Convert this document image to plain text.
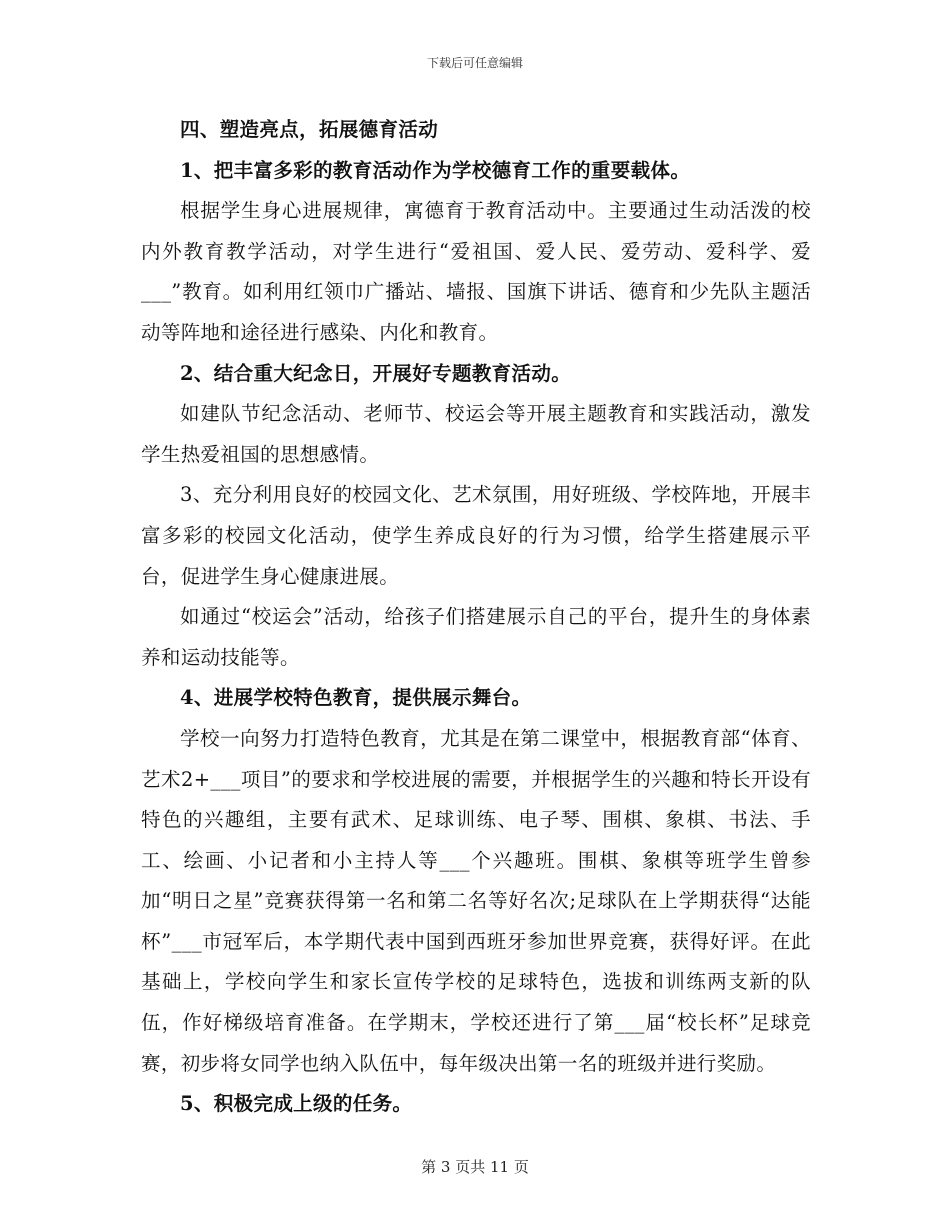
下载后可任意编辑

四、塑造亮点，拓展德育活动

1、把丰富多彩的教育活动作为学校德育工作的重要载体。

根据学生身心进展规律，寓德育于教育活动中。主要通过生动活泼的校内外教育教学活动，对学生进行“爱祖国、爱人民、爱劳动、爱科学、爱___”教育。如利用红领巾广播站、墙报、国旗下讲话、德育和少先队主题活动等阵地和途径进行感染、内化和教育。

2、结合重大纪念日，开展好专题教育活动。

如建队节纪念活动、老师节、校运会等开展主题教育和实践活动，激发学生热爱祖国的思想感情。

3、充分利用良好的校园文化、艺术氛围，用好班级、学校阵地，开展丰富多彩的校园文化活动，使学生养成良好的行为习惯，给学生搭建展示平台，促进学生身心健康进展。

如通过“校运会”活动，给孩子们搭建展示自己的平台，提升生的身体素养和运动技能等。

4、进展学校特色教育，提供展示舞台。

学校一向努力打造特色教育，尤其是在第二课堂中，根据教育部“体育、艺术2+___项目”的要求和学校进展的需要，并根据学生的兴趣和特长开设有特色的兴趣组，主要有武术、足球训练、电子琴、围棋、象棋、书法、手工、绘画、小记者和小主持人等___个兴趣班。围棋、象棋等班学生曾参加“明日之星”竞赛获得第一名和第二名等好名次;足球队在上学期获得“达能杯”___市冠军后，本学期代表中国到西班牙参加世界竞赛，获得好评。在此基础上，学校向学生和家长宣传学校的足球特色，选拔和训练两支新的队伍，作好梯级培育准备。在学期末，学校还进行了第___届“校长杯”足球竞赛，初步将女同学也纳入队伍中，每年级决出第一名的班级并进行奖励。

5、积极完成上级的任务。

第 3 页共 11 页
